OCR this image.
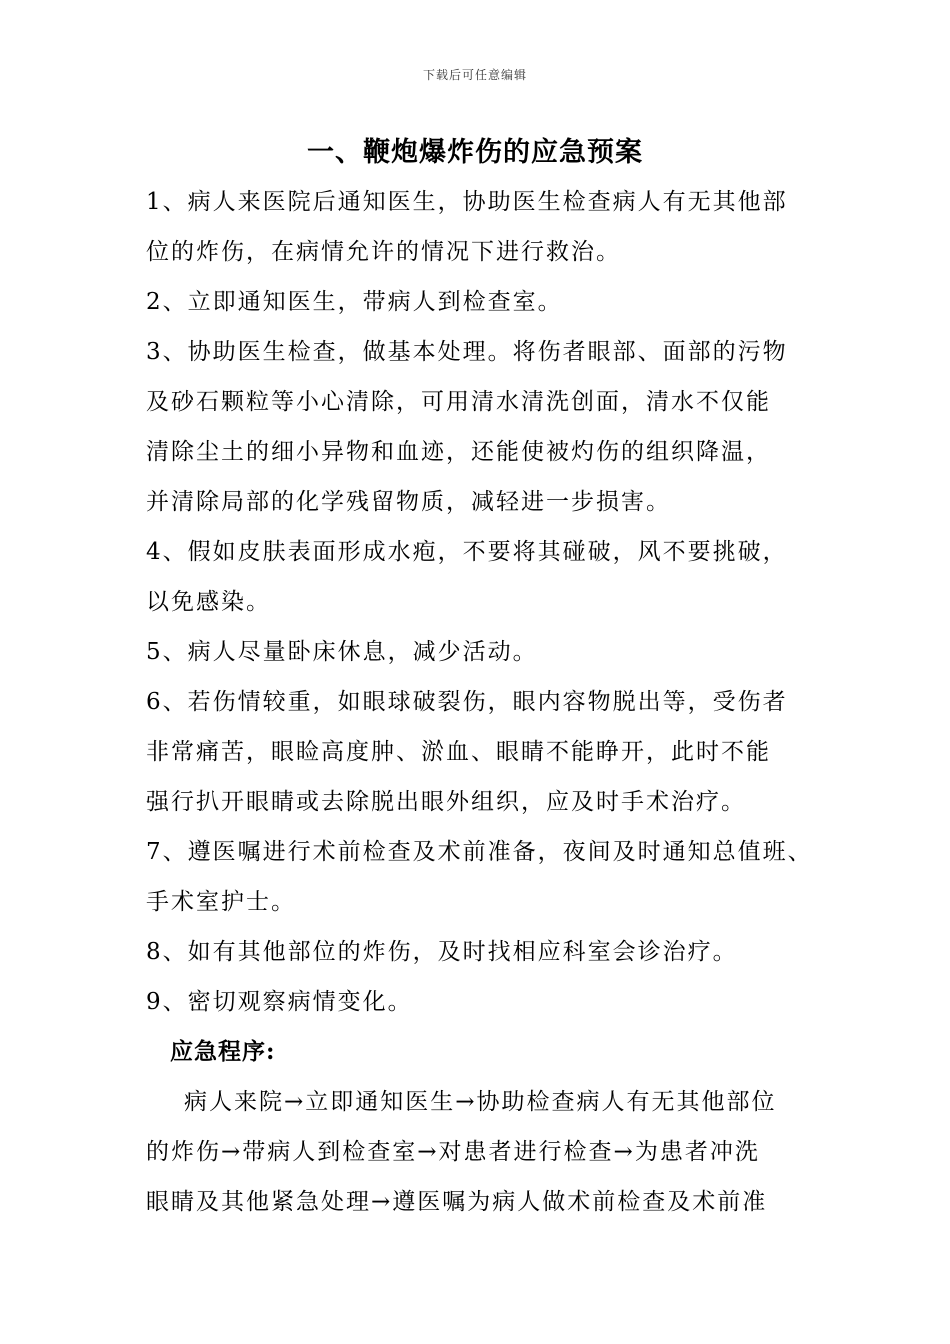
下载后可任意编辑
一、鞭炮爆炸伤的应急预案

1、病人来医院后通知医生，协助医生检查病人有无其他部

位的炸伤，在病情允许的情况下进行救治。

2、立即通知医生，带病人到检查室。

3、协助医生检查，做基本处理。将伤者眼部、面部的污物

及砂石颗粒等小心清除，可用清水清洗创面，清水不仅能

清除尘土的细小异物和血迹，还能使被灼伤的组织降温，

并清除局部的化学残留物质，减轻进一步损害。

4、假如皮肤表面形成水疱，不要将其碰破，风不要挑破，

以免感染。

5、病人尽量卧床休息，减少活动。

6、若伤情较重，如眼球破裂伤，眼内容物脱出等，受伤者

非常痛苦，眼睑高度肿、淤血、眼睛不能睁开，此时不能

强行扒开眼睛或去除脱出眼外组织，应及时手术治疗。

7、遵医嘱进行术前检查及术前准备，夜间及时通知总值班、

手术室护士。

8、如有其他部位的炸伤，及时找相应科室会诊治疗。

9、密切观察病情变化。

应急程序:

病人来院→立即通知医生→协助检查病人有无其他部位

的炸伤→带病人到检查室→对患者进行检查→为患者冲洗

眼睛及其他紧急处理→遵医嘱为病人做术前检查及术前准
